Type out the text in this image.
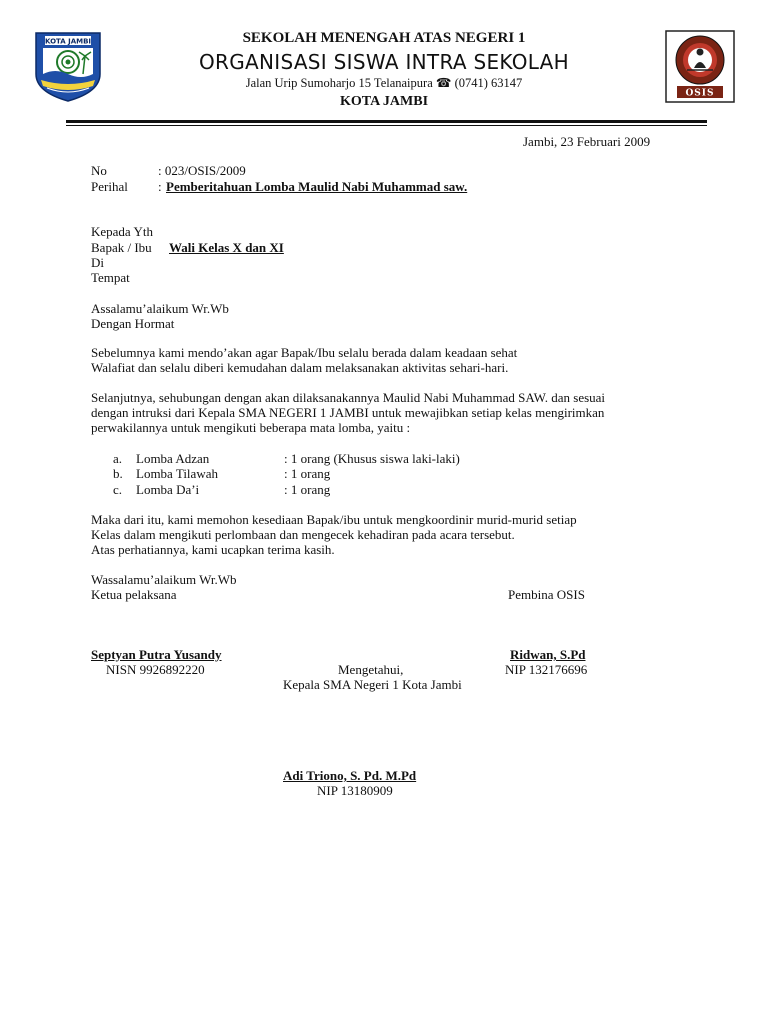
KOTA JAMBI
OSIS
SEKOLAH MENENGAH ATAS NEGERI 1
ORGANISASI SISWA INTRA SEKOLAH
Jalan Urip Sumoharjo 15 Telanaipura ☎ (0741) 63147
KOTA JAMBI
Jambi, 23 Februari 2009
No	: 023/OSIS/2009
Perihal : Pemberitahuan Lomba Maulid Nabi Muhammad saw.
Kepada Yth
Bapak / Ibu Wali Kelas X dan XI
Di
Tempat
Assalamu’alaikum Wr.Wb
Dengan Hormat
Sebelumnya kami mendo’akan agar Bapak/Ibu selalu berada dalam keadaan sehat
Walafiat dan selalu diberi kemudahan dalam melaksanakan aktivitas sehari-hari.
Selanjutnya, sehubungan dengan akan dilaksanakannya Maulid Nabi Muhammad SAW. dan sesuai
dengan intruksi dari Kepala SMA NEGERI 1 JAMBI untuk mewajibkan setiap kelas mengirimkan
perwakilannya untuk mengikuti beberapa mata lomba, yaitu :
a. Lomba Adzan	: 1 orang (Khusus siswa laki-laki)
b. Lomba Tilawah	: 1 orang
c. Lomba Da’i	: 1 orang
Maka dari itu, kami memohon kesediaan Bapak/ibu untuk mengkoordinir murid-murid setiap
Kelas dalam mengikuti perlombaan dan mengecek kehadiran pada acara tersebut.
Atas perhatiannya, kami ucapkan terima kasih.
Wassalamu’alaikum Wr.Wb
Ketua pelaksana	Pembina OSIS
Septyan Putra Yusandy
NISN 9926892220
Ridwan, S.Pd
NIP 132176696
Mengetahui,
Kepala SMA Negeri 1 Kota Jambi
Adi Triono, S. Pd. M.Pd
NIP 13180909
